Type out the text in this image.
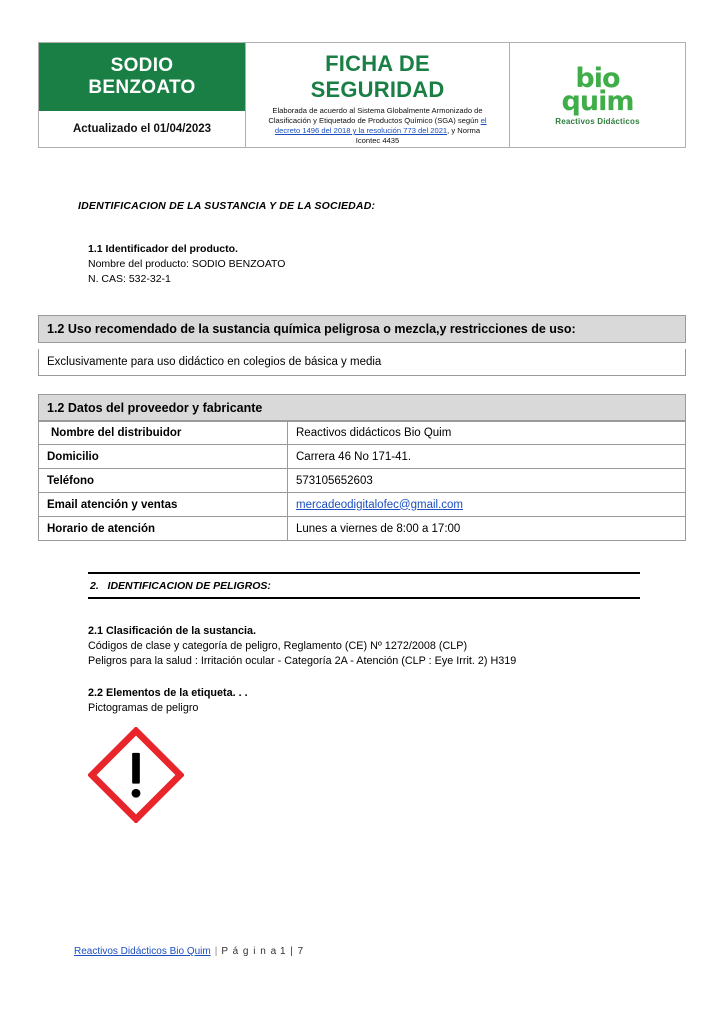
SODIO
BENZOATO
Actualizado el 01/04/2023
FICHA DE SEGURIDAD
Elaborada de acuerdo al Sistema Globalmente Armonizado de Clasificación y Etiquetado de Productos Químico (SGA) según el decreto 1496 del 2018 y la resolución 773 del 2021, y Norma Icontec 4435
bio
quim
Reactivos Didácticos
IDENTIFICACION DE LA SUSTANCIA Y DE LA SOCIEDAD:
1.1 Identificador del producto.
Nombre del producto: SODIO BENZOATO
N. CAS: 532-32-1
1.2 Uso recomendado de la sustancia química peligrosa o mezcla,y restricciones de uso:
Exclusivamente para uso didáctico en colegios de básica y media
1.2 Datos del proveedor y fabricante
Nombre del distribuidor	Reactivos didácticos Bio Quim
Domicilio	Carrera 46 No 171-41.
Teléfono	573105652603
Email atención y ventas	mercadeodigitalofec@gmail.com
Horario de atención	Lunes a viernes de 8:00 a 17:00
2. IDENTIFICACION DE PELIGROS:
2.1 Clasificación de la sustancia.
Códigos de clase y categoría de peligro, Reglamento (CE) Nº 1272/2008 (CLP)
Peligros para la salud : Irritación ocular - Categoría 2A - Atención (CLP : Eye Irrit. 2) H319
2.2 Elementos de la etiqueta. . .
Pictogramas de peligro
Reactivos Didácticos Bio Quim | P á g i n a 1 | 7
